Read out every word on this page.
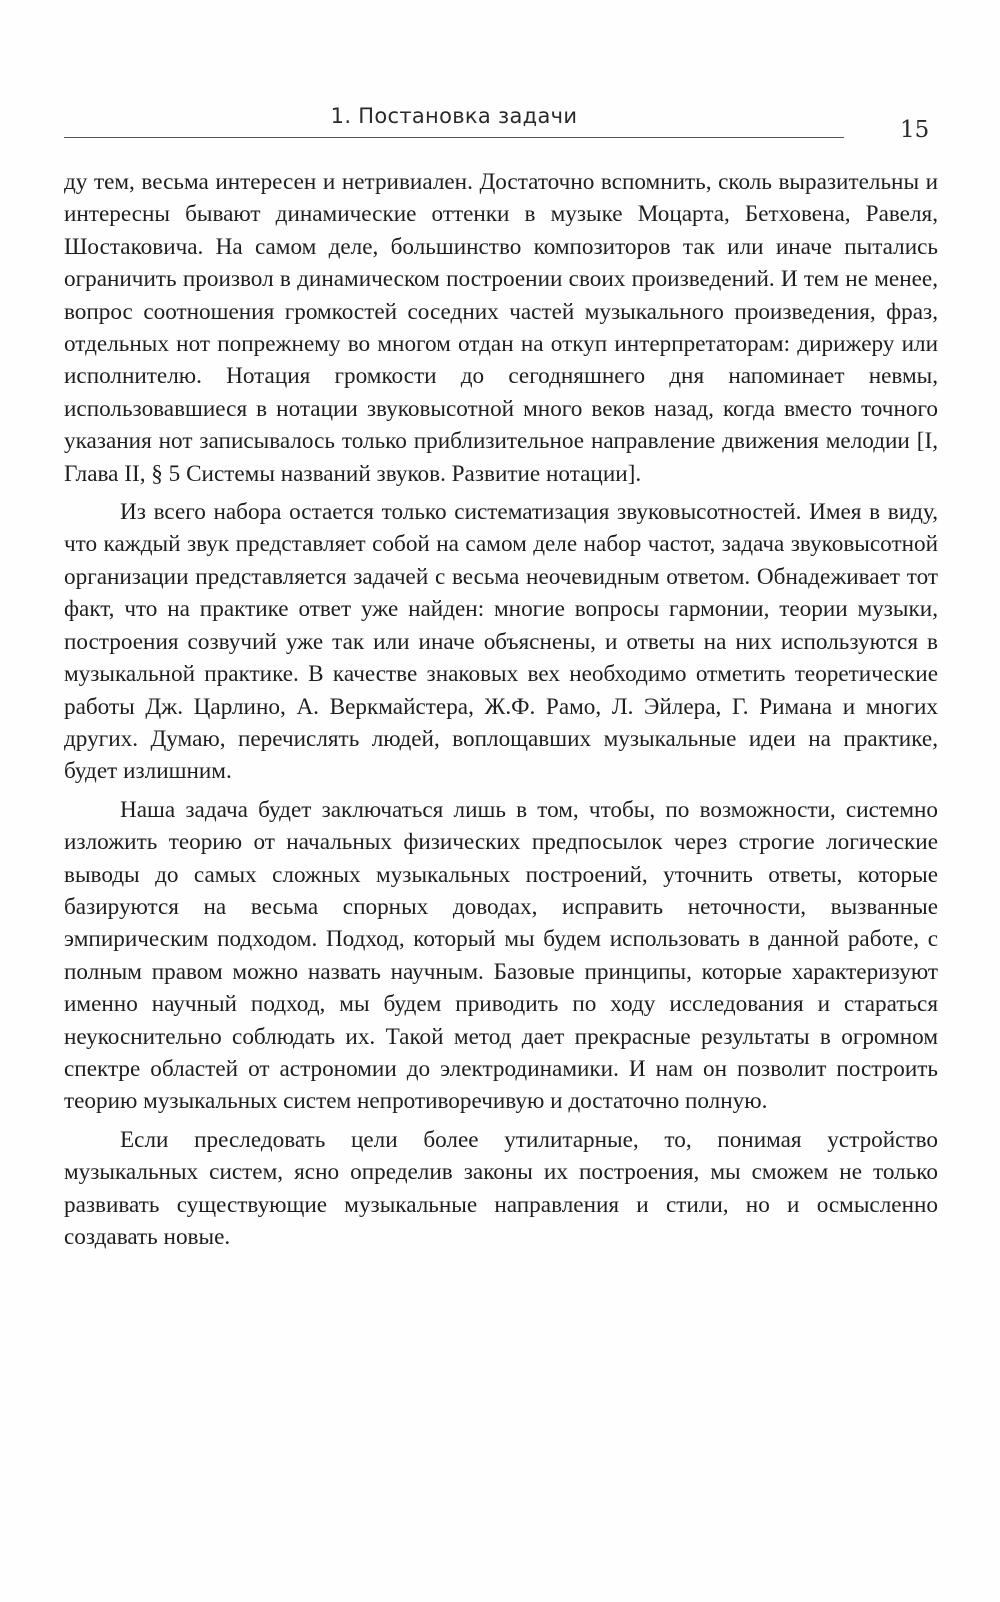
1. Постановка задачи
15

ду тем, весьма интересен и нетривиален. Достаточно вспомнить, сколь выразительны и интересны бывают динамические оттенки в музыке Моцарта, Бетховена, Равеля, Шостаковича. На самом деле, большинство композиторов так или иначе пытались ограничить произвол в динамическом построении своих произведений. И тем не менее, вопрос соотношения громкостей соседних частей музыкального произведения, фраз, отдельных нот попрежнему во многом отдан на откуп интерпретаторам: дирижеру или исполнителю. Нотация громкости до сегодняшнего дня напоминает невмы, использовавшиеся в нотации звуковысотной много веков назад, когда вместо точного указания нот записывалось только приблизительное направление движения мелодии [I, Глава II, § 5 Системы названий звуков. Развитие нотации].

Из всего набора остается только систематизация звуковысотностей. Имея в виду, что каждый звук представляет собой на самом деле набор частот, задача звуковысотной организации представляется задачей с весьма неочевидным ответом. Обнадеживает тот факт, что на практике ответ уже найден: многие вопросы гармонии, теории музыки, построения созвучий уже так или иначе объяснены, и ответы на них используются в музыкальной практике. В качестве знаковых вех необходимо отметить теоретические работы Дж. Царлино, А. Веркмайстера, Ж.Ф. Рамо, Л. Эйлера, Г. Римана и многих других. Думаю, перечислять людей, воплощавших музыкальные идеи на практике, будет излишним.

Наша задача будет заключаться лишь в том, чтобы, по возможности, системно изложить теорию от начальных физических предпосылок через строгие логические выводы до самых сложных музыкальных построений, уточнить ответы, которые базируются на весьма спорных доводах, исправить неточности, вызванные эмпирическим подходом. Подход, который мы будем использовать в данной работе, с полным правом можно назвать научным. Базовые принципы, которые характеризуют именно научный подход, мы будем приводить по ходу исследования и стараться неукоснительно соблюдать их. Такой метод дает прекрасные результаты в огромном спектре областей от астрономии до электродинамики. И нам он позволит построить теорию музыкальных систем непротиворечивую и достаточно полную.

Если преследовать цели более утилитарные, то, понимая устройство музыкальных систем, ясно определив законы их построения, мы сможем не только развивать существующие музыкальные направления и стили, но и осмысленно создавать новые.
